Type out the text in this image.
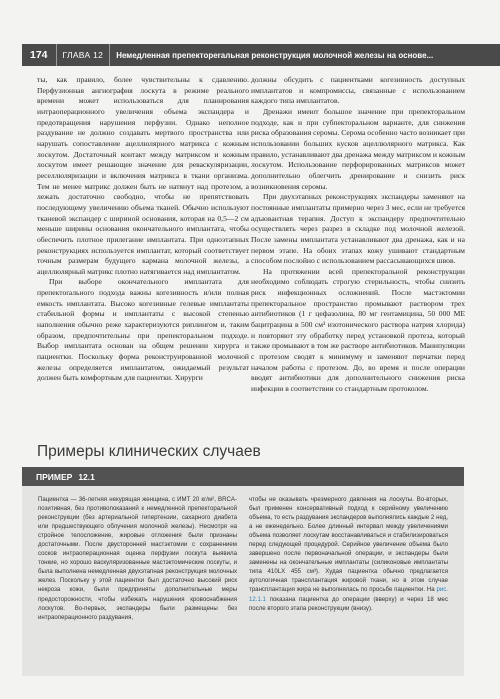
174	ГЛАВА 12	Немедленная препектоperальная реконструкция молочной железы на основе...

ты, как правило, более чувствительны к сдавлению. Перфузионная ангиография лоскута в режиме реального времени может использоваться для планирования интраоперационного увеличения объема экспандера и предотвращения нарушения перфузии. Однако неполное раздувание не должно создавать мертвого пространства или нарушать сопоставление ацеллюлярного матрикса с кожным лоскутом. Достаточный контакт между матриксом и кожным лоскутом имеет решающее значение для реваскуляризации, реcеллюляризации и включения матрикса в ткани организма. Тем не менее матрикс должен быть не натянут над протезом, а лежать достаточно свободно, чтобы не препятствовать последующему увеличению объема тканей. Обычно используют тканевой экспандер с шириной основания, которая на 0,5—2 см меньше ширины основания окончательного имплантата, чтобы обеспечить плотное прилегание имплантата. При одноэтапных реконструкциях используется имплантат, который соответствует точным размерам будущего кармана молочной железы, а ацеллюлярный матрикс плотно натягивается над имплантатом.

При выборе окончательного имплантата для препектоrального подхода важны когезивность и/или полная емкость имплантата. Высоко когезивные гелевые имплантаты стабильной формы и имплантаты с высокой степенью наполнения обычно реже характеризуются риплингом и, таким образом, предпочтительны при препекторальном подходе. Выбор имплантата основан на общем решении хирурга и пациентки. Поскольку форма реконструированной молочной железы определяется имплантатом, ожидаемый результат должен быть комфортным для пациентки. Хирурги

должны обсудить с пациентками когезивность доступных имплантатов и компромиссы, связанные с использованием каждого типа имплантатов.

Дренажи имеют большое значение при препекторальном подходе, как и при субпекторальном варианте, для снижения риска образования серомы. Серома особенно часто возникает при использовании больших кусков ацеллюлярного матрикса. Как правило, устанавливают два дренажа между матриксом и кожным лоскутом. Использование перфорированных матриксов может дополнительно облегчить дренирование и снизить риск возникновения серомы.

При двухэтапных реконструкциях экспандеры заменяют на постоянные имплантаты примерно через 3 мес, если не требуется адъювантная терапия. Доступ к экспандеру предпочтительно осуществлять через разрез в складке под молочной железой. После замены имплантата устанавливают два дренажа, как и на первом этапе. На обоих этапах кожу ушивают стандартным способом послойно с использованием рассасывающихся швов.

На протяжении всей препекторальной реконструкции необходимо соблюдать строгую стерильность, чтобы снизить риск инфекционных осложнений. После мастэктомии препекторальное пространство промывают раствором трех антибиотиков (1 г цефазолина, 80 мг гентамицина, 50 000 МЕ бацитрацина в 500 см³ изотонического раствора натрия хлорида) и повторяют эту обработку перед установкой протеза, который также промывают в том же растворе антибиотиков. Манипуляции с протезом сводят к минимуму и заменяют перчатки перед началом работы с протезом. До, во время и после операции вводят антибиотики для дополнительного снижения риска инфекции в соответствии со стандартным протоколом.

Примеры клинических случаев
ПРИМЕР 12.1

Пациентка — 36-летняя некурящая женщина, с ИМТ 20 кг/м², BRCA-позитивная, без противопоказаний к немедленной препекторальной реконструкции (без артериальной гипертензии, сахарного диабета или предшествующего облучения молочной железы). Несмотря на стройное телосложение, жировые отложения были признаны достаточными. После двусторонней мастэктомии с сохранением сосков интраоперационная оценка перфузии лоскута выявила тонкие, но хорошо васкуляризованные мастэктомические лоскуты, и была выполнена немедленная двухэтапная реконструкция молочных желез. Поскольку у этой пациентки был достаточно высокий риск некроза кожи, были предприняты дополнительные меры предосторожности, чтобы избежать нарушения кровоснабжения лоскутов. Во-первых, экспандеры были размещены без интраоперационного раздувания,

чтобы не оказывать чрезмерного давления на лоскуты. Во-вторых, был применен консервативный подход к серийному увеличению объема, то есть раздувания экспандеров выполнялись каждые 2 нед, а не еженедельно. Более длинный интервал между увеличениями объема позволяет лоскутам восстанавливаться и стабилизироваться перед следующей процедурой. Серийное увеличение объема было завершено после первоначальной операции, и экспандеры были заменены на окончательные имплантаты (силиконовые имплантаты типа 410LX 455 см³). Худая пациентка обычно предлагается аутологичная трансплантация жировой ткани, но в этом случае трансплантация жира не выполнялась по просьбе пациентки. На рис. 12.1.1 показана пациентка до операции (вверху) и через 18 мес после второго этапа реконструкции (внизу).
